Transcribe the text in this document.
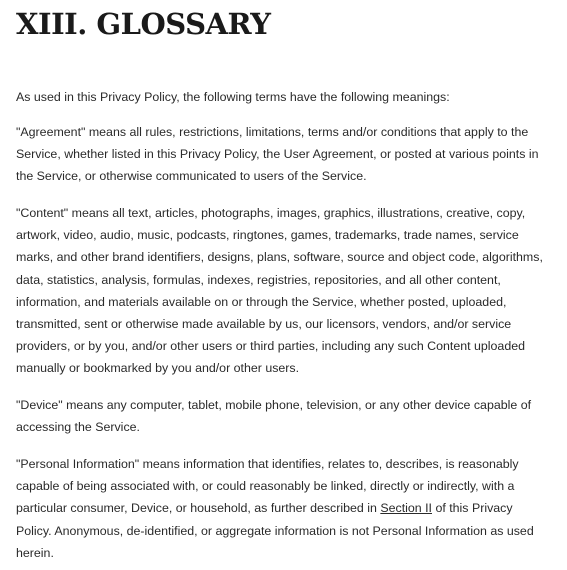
XIII. GLOSSARY

As used in this Privacy Policy, the following terms have the following meanings:

"Agreement" means all rules, restrictions, limitations, terms and/or conditions that apply to the Service, whether listed in this Privacy Policy, the User Agreement, or posted at various points in the Service, or otherwise communicated to users of the Service.

"Content" means all text, articles, photographs, images, graphics, illustrations, creative, copy, artwork, video, audio, music, podcasts, ringtones, games, trademarks, trade names, service marks, and other brand identifiers, designs, plans, software, source and object code, algorithms, data, statistics, analysis, formulas, indexes, registries, repositories, and all other content, information, and materials available on or through the Service, whether posted, uploaded, transmitted, sent or otherwise made available by us, our licensors, vendors, and/or service providers, or by you, and/or other users or third parties, including any such Content uploaded manually or bookmarked by you and/or other users.

"Device" means any computer, tablet, mobile phone, television, or any other device capable of accessing the Service.

"Personal Information" means information that identifies, relates to, describes, is reasonably capable of being associated with, or could reasonably be linked, directly or indirectly, with a particular consumer, Device, or household, as further described in Section II of this Privacy Policy. Anonymous, de-identified, or aggregate information is not Personal Information as used herein.
